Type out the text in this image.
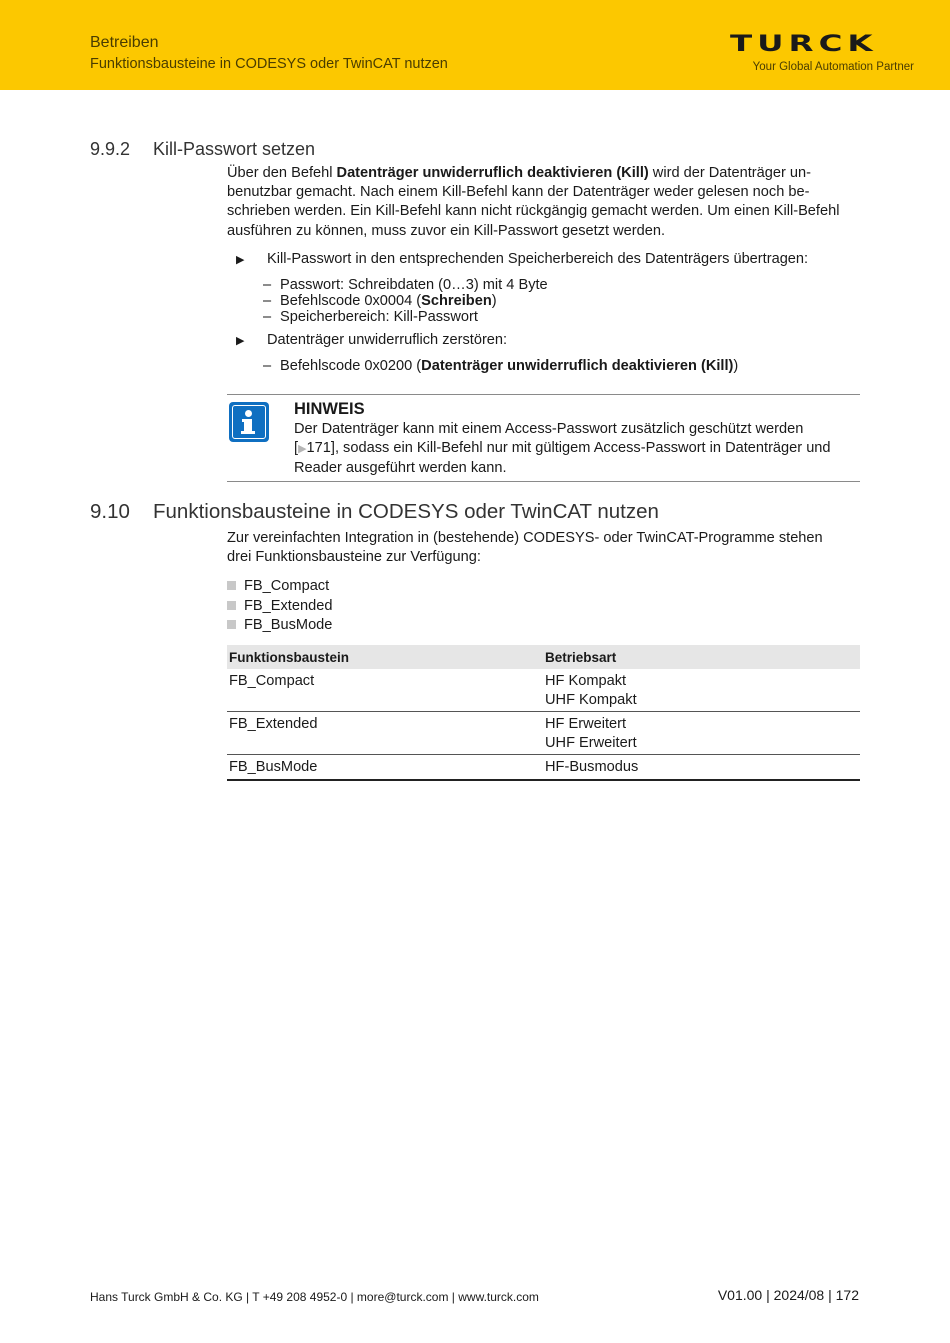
Betreiben
Funktionsbausteine in CODESYS oder TwinCAT nutzen
TURCK
Your Global Automation Partner
9.9.2 Kill-Passwort setzen
Über den Befehl Datenträger unwiderruflich deaktivieren (Kill) wird der Datenträger un-
benutzbar gemacht. Nach einem Kill-Befehl kann der Datenträger weder gelesen noch be-
schrieben werden. Ein Kill-Befehl kann nicht rückgängig gemacht werden. Um einen Kill-Befehl
ausführen zu können, muss zuvor ein Kill-Passwort gesetzt werden.
▶ Kill-Passwort in den entsprechenden Speicherbereich des Datenträgers übertragen:
– Passwort: Schreibdaten (0…3) mit 4 Byte
– Befehlscode 0x0004 (Schreiben)
– Speicherbereich: Kill-Passwort
▶ Datenträger unwiderruflich zerstören:
– Befehlscode 0x0200 (Datenträger unwiderruflich deaktivieren (Kill))
HINWEIS
Der Datenträger kann mit einem Access-Passwort zusätzlich geschützt werden
[▶171], sodass ein Kill-Befehl nur mit gültigem Access-Passwort in Datenträger und
Reader ausgeführt werden kann.
9.10 Funktionsbausteine in CODESYS oder TwinCAT nutzen
Zur vereinfachten Integration in (bestehende) CODESYS- oder TwinCAT-Programme stehen
drei Funktionsbausteine zur Verfügung:
FB_Compact
FB_Extended
FB_BusMode
Funktionsbaustein	Betriebsart
FB_Compact	HF Kompakt
UHF Kompakt
FB_Extended	HF Erweitert
UHF Erweitert
FB_BusMode	HF-Busmodus
Hans Turck GmbH & Co. KG | T +49 208 4952-0 | more@turck.com | www.turck.com	V01.00 | 2024/08 | 172
